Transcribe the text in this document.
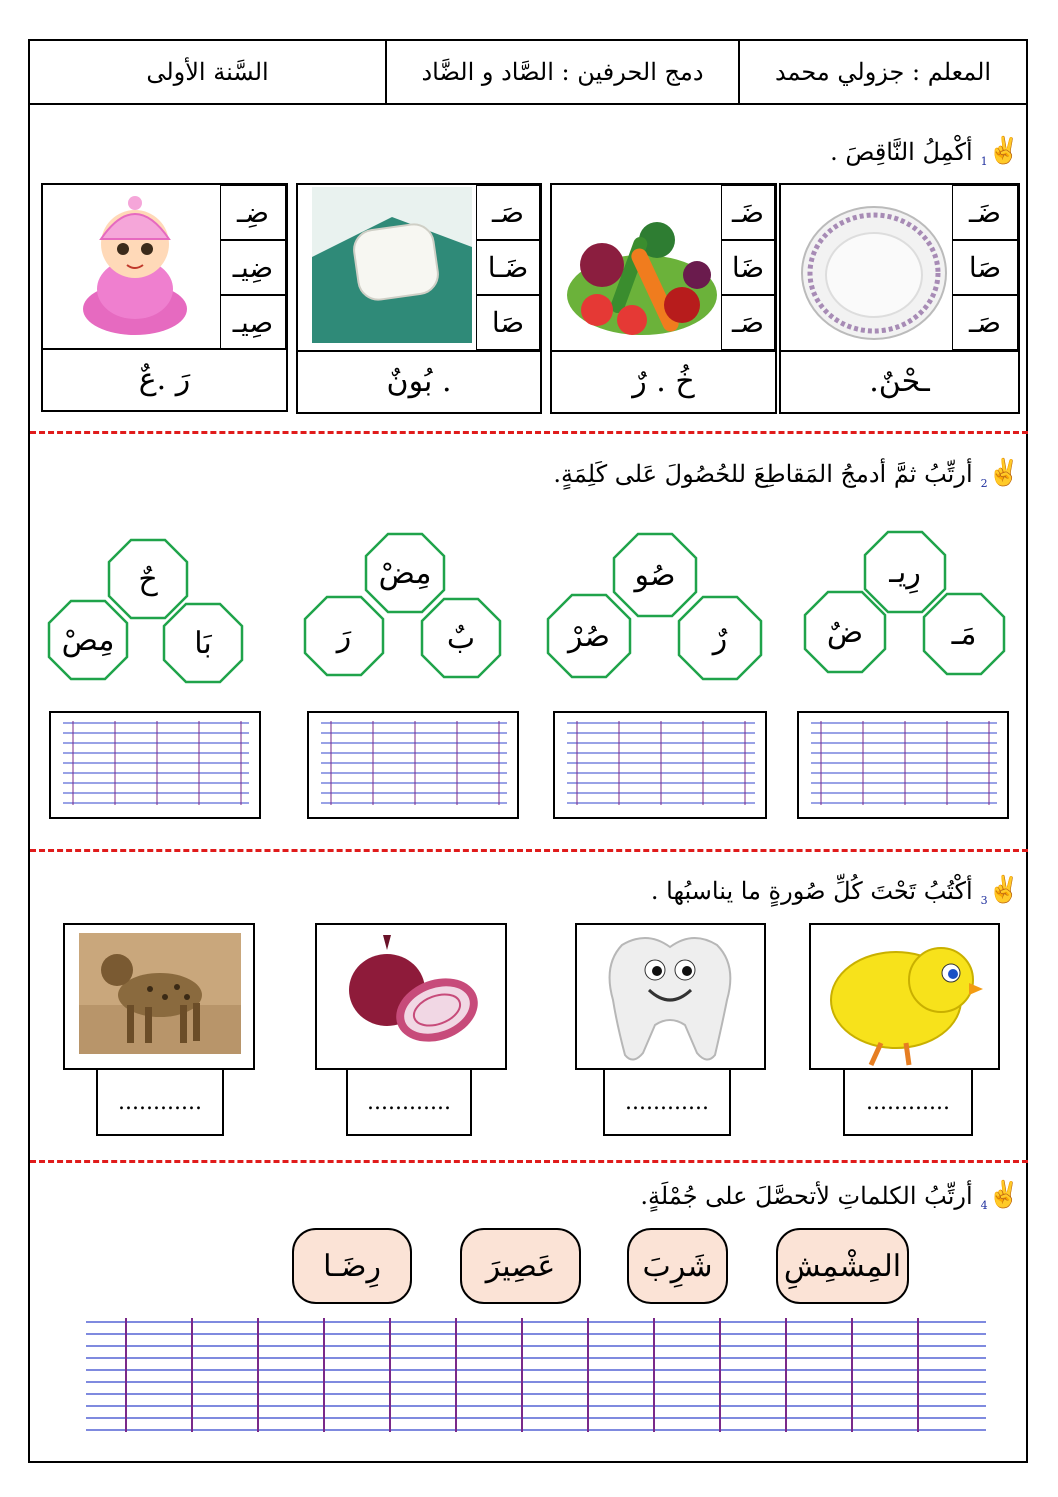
المعلم : جزولي محمد
دمج الحرفين : الصَّاد و الضَّاد
السَّنة الأولى
$✌_1$
أكْمِلُ النَّاقِصَ .
ضَـ
صَا
صَـ
ـحْنٌ.
ضَـ
ضَا
صَـ
خُ . رٌ
صَـ
ضَـا
صَا
. بُونٌ
ضِـ
ضِيـ
صِيـ
رَ .عٌ
$✌_2$
أرتِّبُ ثمَّ أدمجُ المَقاطِعَ للحُصُولَ عَلى كَلِمَةٍ.
رِيـ
ضٌ	مَـ
صُو
صُرْ	رٌ
مِضْ
رَ	بٌ
حٌ
مِصْ	بَا
$✌_3$
أكْتُبُ تَحْتَ كُلِّ صُورةٍ ما يناسبُها .
............
............
............
............
$✌_4$
أرتِّبُ الكلماتِ لأتحصَّلَ على جُمْلَةٍ.
المِشْمِشِ
شَرِبَ
عَصِيرَ
رِضَـا
